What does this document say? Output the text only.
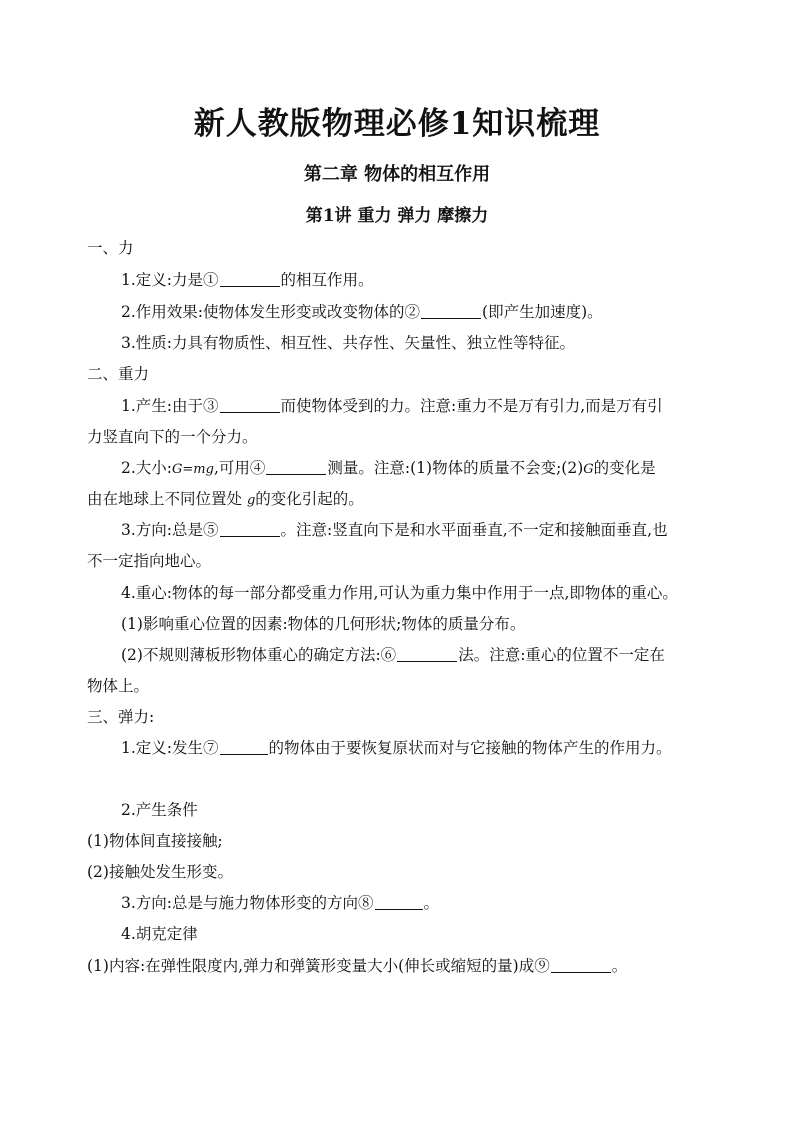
新人教版物理必修1知识梳理
第二章 物体的相互作用
第1讲 重力 弹力 摩擦力
一、力
1.定义:力是①	的相互作用。
2.作用效果:使物体发生形变或改变物体的②	(即产生加速度)。
3.性质:力具有物质性、相互性、共存性、矢量性、独立性等特征。
二、重力
1.产生:由于③	而使物体受到的力。注意:重力不是万有引力,而是万有引
力竖直向下的一个分力。
2.大小:G=mg,可用④	测量。注意:(1)物体的质量不会变;(2)G的变化是
由在地球上不同位置处 g的变化引起的。
3.方向:总是⑤	。注意:竖直向下是和水平面垂直,不一定和接触面垂直,也
不一定指向地心。
4.重心:物体的每一部分都受重力作用,可认为重力集中作用于一点,即物体的重心。
(1)影响重心位置的因素:物体的几何形状;物体的质量分布。
(2)不规则薄板形物体重心的确定方法:⑥	法。注意:重心的位置不一定在
物体上。
三、弹力:
1.定义:发生⑦	的物体由于要恢复原状而对与它接触的物体产生的作用力。
2.产生条件
(1)物体间直接接触;
(2)接触处发生形变。
3.方向:总是与施力物体形变的方向⑧	。
4.胡克定律
(1)内容:在弹性限度内,弹力和弹簧形变量大小(伸长或缩短的量)成⑨	。
